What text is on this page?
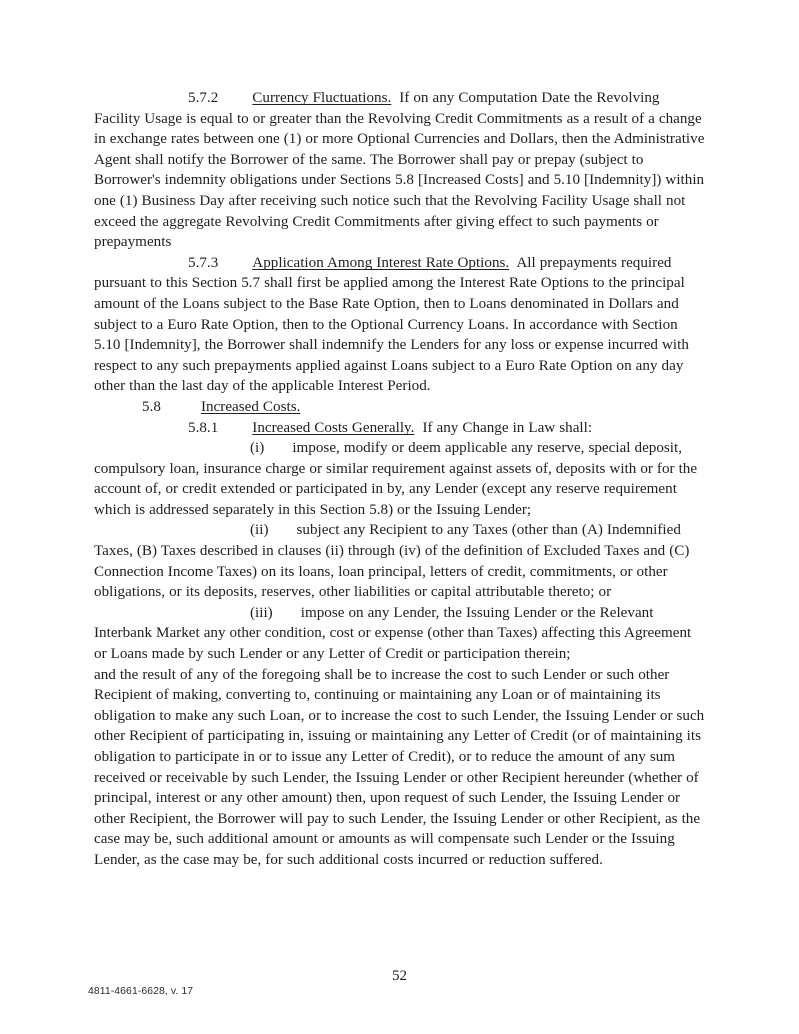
5.7.2 Currency Fluctuations. If on any Computation Date the Revolving Facility Usage is equal to or greater than the Revolving Credit Commitments as a result of a change in exchange rates between one (1) or more Optional Currencies and Dollars, then the Administrative Agent shall notify the Borrower of the same. The Borrower shall pay or prepay (subject to Borrower's indemnity obligations under Sections 5.8 [Increased Costs] and 5.10 [Indemnity]) within one (1) Business Day after receiving such notice such that the Revolving Facility Usage shall not exceed the aggregate Revolving Credit Commitments after giving effect to such payments or prepayments

5.7.3 Application Among Interest Rate Options. All prepayments required pursuant to this Section 5.7 shall first be applied among the Interest Rate Options to the principal amount of the Loans subject to the Base Rate Option, then to Loans denominated in Dollars and subject to a Euro Rate Option, then to the Optional Currency Loans. In accordance with Section 5.10 [Indemnity], the Borrower shall indemnify the Lenders for any loss or expense incurred with respect to any such prepayments applied against Loans subject to a Euro Rate Option on any day other than the last day of the applicable Interest Period.

5.8	Increased Costs.

5.8.1 Increased Costs Generally. If any Change in Law shall:

(i) impose, modify or deem applicable any reserve, special deposit, compulsory loan, insurance charge or similar requirement against assets of, deposits with or for the account of, or credit extended or participated in by, any Lender (except any reserve requirement which is addressed separately in this Section 5.8) or the Issuing Lender;

(ii) subject any Recipient to any Taxes (other than (A) Indemnified Taxes, (B) Taxes described in clauses (ii) through (iv) of the definition of Excluded Taxes and (C) Connection Income Taxes) on its loans, loan principal, letters of credit, commitments, or other obligations, or its deposits, reserves, other liabilities or capital attributable thereto; or

(iii) impose on any Lender, the Issuing Lender or the Relevant Interbank Market any other condition, cost or expense (other than Taxes) affecting this Agreement or Loans made by such Lender or any Letter of Credit or participation therein;

and the result of any of the foregoing shall be to increase the cost to such Lender or such other Recipient of making, converting to, continuing or maintaining any Loan or of maintaining its obligation to make any such Loan, or to increase the cost to such Lender, the Issuing Lender or such other Recipient of participating in, issuing or maintaining any Letter of Credit (or of maintaining its obligation to participate in or to issue any Letter of Credit), or to reduce the amount of any sum received or receivable by such Lender, the Issuing Lender or other Recipient hereunder (whether of principal, interest or any other amount) then, upon request of such Lender, the Issuing Lender or other Recipient, the Borrower will pay to such Lender, the Issuing Lender or other Recipient, as the case may be, such additional amount or amounts as will compensate such Lender or the Issuing Lender, as the case may be, for such additional costs incurred or reduction suffered.

52
4811-4661-6628, v. 17
